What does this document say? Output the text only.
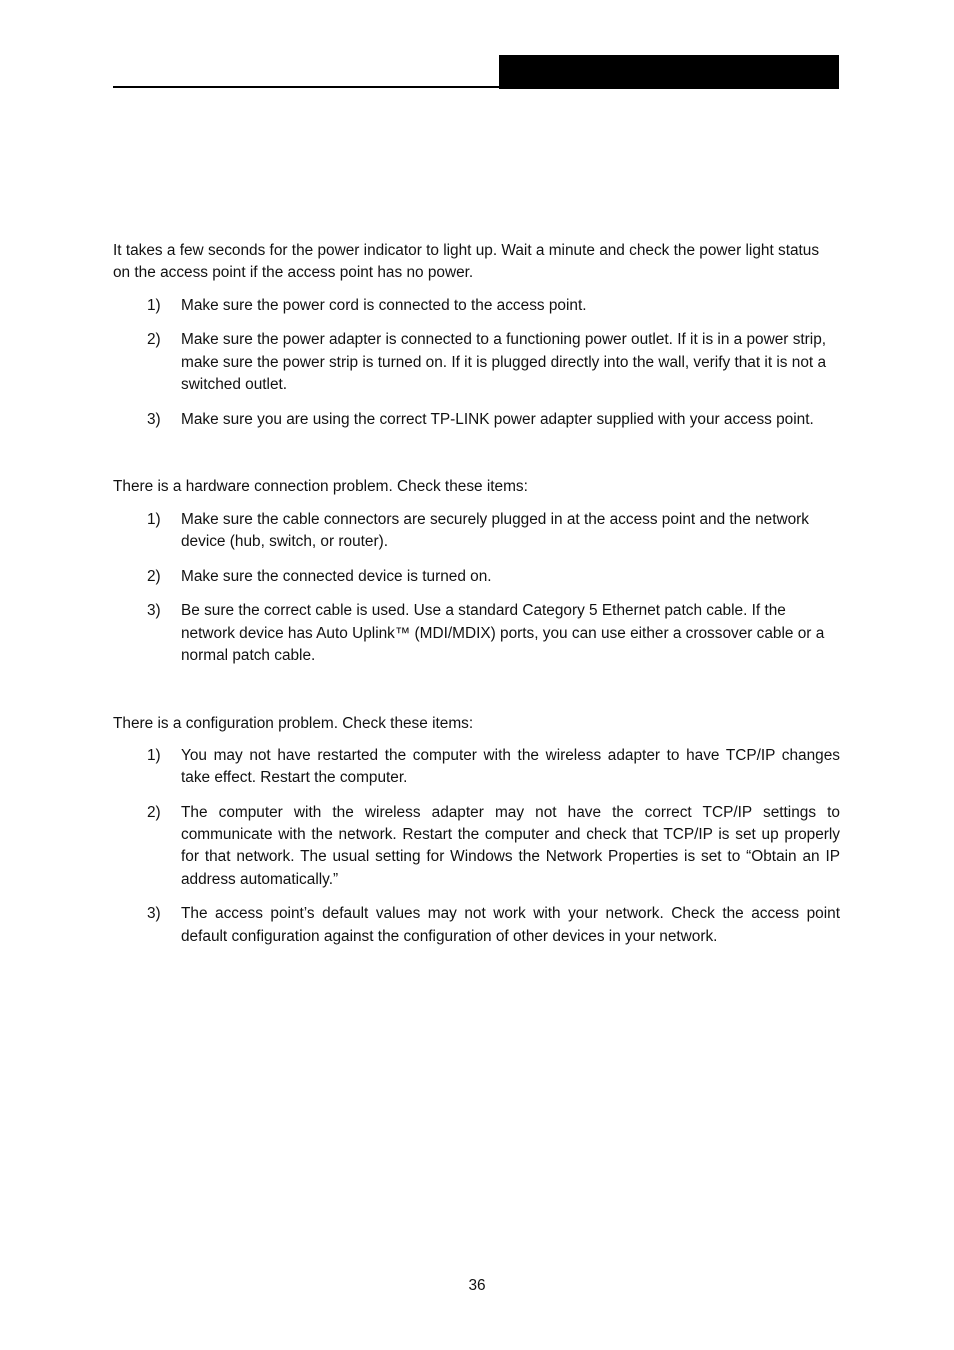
It takes a few seconds for the power indicator to light up. Wait a minute and check the power light status on the access point if the access point has no power.

1) Make sure the power cord is connected to the access point.
2) Make sure the power adapter is connected to a functioning power outlet. If it is in a power strip, make sure the power strip is turned on. If it is plugged directly into the wall, verify that it is not a switched outlet.
3) Make sure you are using the correct TP-LINK power adapter supplied with your access point.

There is a hardware connection problem. Check these items:

1) Make sure the cable connectors are securely plugged in at the access point and the network device (hub, switch, or router).
2) Make sure the connected device is turned on.
3) Be sure the correct cable is used. Use a standard Category 5 Ethernet patch cable. If the network device has Auto Uplink™ (MDI/MDIX) ports, you can use either a crossover cable or a normal patch cable.

There is a configuration problem. Check these items:

1) You may not have restarted the computer with the wireless adapter to have TCP/IP changes take effect. Restart the computer.
2) The computer with the wireless adapter may not have the correct TCP/IP settings to communicate with the network. Restart the computer and check that TCP/IP is set up properly for that network. The usual setting for Windows the Network Properties is set to “Obtain an IP address automatically.”
3) The access point’s default values may not work with your network. Check the access point default configuration against the configuration of other devices in your network.
36
